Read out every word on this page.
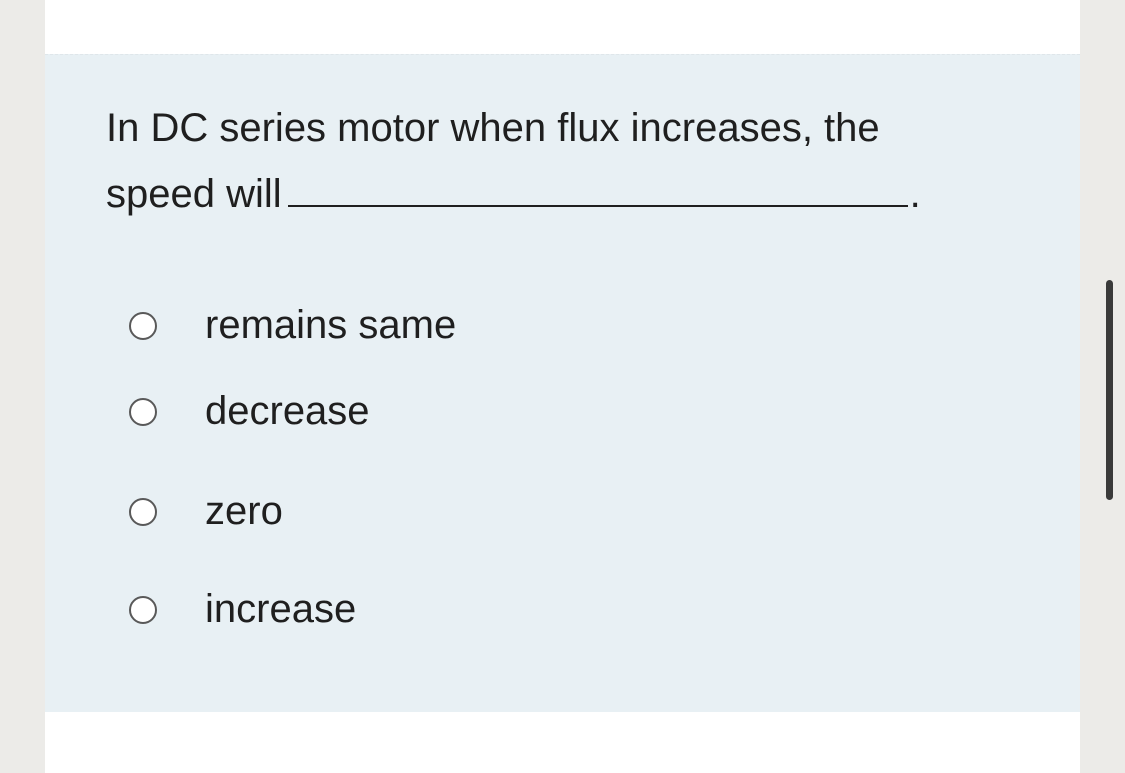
In DC series motor when flux increases, the
speed will	.
remains same
decrease
zero
increase
